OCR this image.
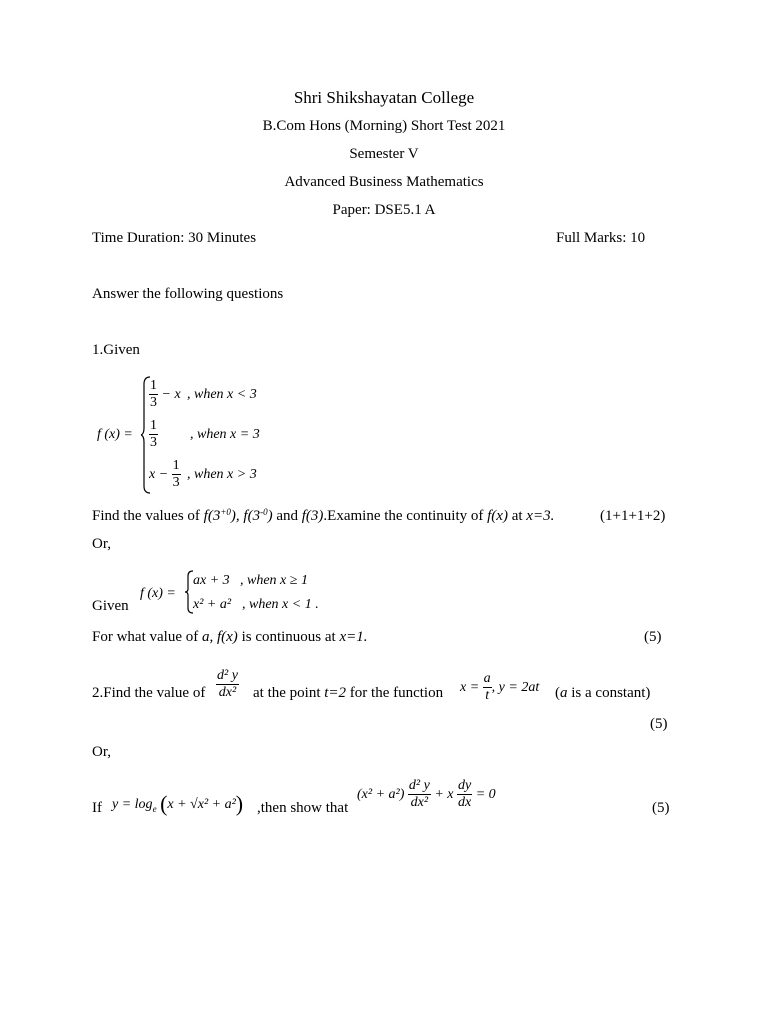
Shri Shikshayatan College
B.Com Hons (Morning) Short Test 2021
Semester V
Advanced Business Mathematics
Paper: DSE5.1 A
Time Duration: 30 Minutes	Full Marks: 10
Answer the following questions
1.Given
f (x) =
$\frac{1}{3} - x$ , when x < 3
$\frac{1}{3}$ , when x = 3
$x - \frac{1}{3}$ , when x > 3
Find the values of $f(3^{+0})$, $f(3^{-0})$ and f(3).Examine the continuity of f(x) at x=3.	(1+1+1+2)
Or,
f (x) =
ax + 3 , when x ≥ 1
x² + a² , when x < 1 .
Given
For what value of a, f(x) is continuous at x=1.	(5)
2.Find the value of $\frac{\text{d² y}}{\text{dx²}}$ at the point t=2 for the function $x = \frac{a}{t}$ , y = 2at (a is a constant)
(5)
Or,
If $y = \log_e (x + √x^2 + a^2)$ ,then show that
$(x^2 + a^2) \frac{\text{d² y}}{\text{dx²}} + x \frac{dy}{dx} = 0$
(5)
